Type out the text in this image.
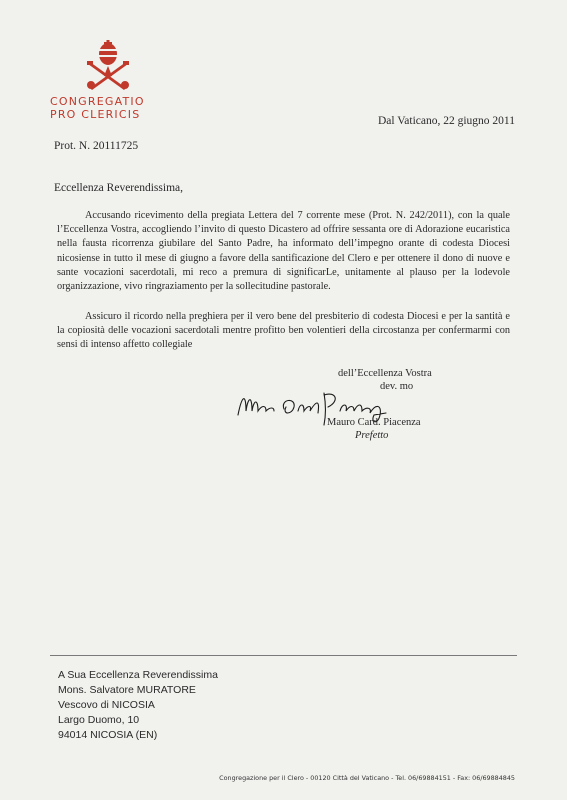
CONGREGATIO
PRO CLERICIS	Dal Vaticano, 22 giugno 2011
Prot. N. 20111725
Eccellenza Reverendissima,

Accusando ricevimento della pregiata Lettera del 7 corrente mese (Prot. N. 242/2011), con la quale l’Eccellenza Vostra, accogliendo l’invito di questo Dicastero ad offrire sessanta ore di Adorazione eucaristica nella fausta ricorrenza giubilare del Santo Padre, ha informato dell’impegno orante di codesta Diocesi nicosiense in tutto il mese di giugno a favore della santificazione del Clero e per ottenere il dono di nuove e sante vocazioni sacerdotali, mi reco a premura di significarLe, unitamente al plauso per la lodevole organizzazione, vivo ringraziamento per la sollecitudine pastorale.

Assicuro il ricordo nella preghiera per il vero bene del presbiterio di codesta Diocesi e per la santità e la copiosità delle vocazioni sacerdotali mentre profitto ben volentieri della circostanza per confermarmi con sensi di intenso affetto collegiale

dell’Eccellenza Vostra
dev. mo
Mauro Card. Piacenza
Prefetto
A Sua Eccellenza Reverendissima
Mons. Salvatore MURATORE
Vescovo di NICOSIA
Largo Duomo, 10
94014 NICOSIA (EN)
Congregazione per il Clero - 00120 Città del Vaticano - Tel. 06/69884151 - Fax: 06/69884845
